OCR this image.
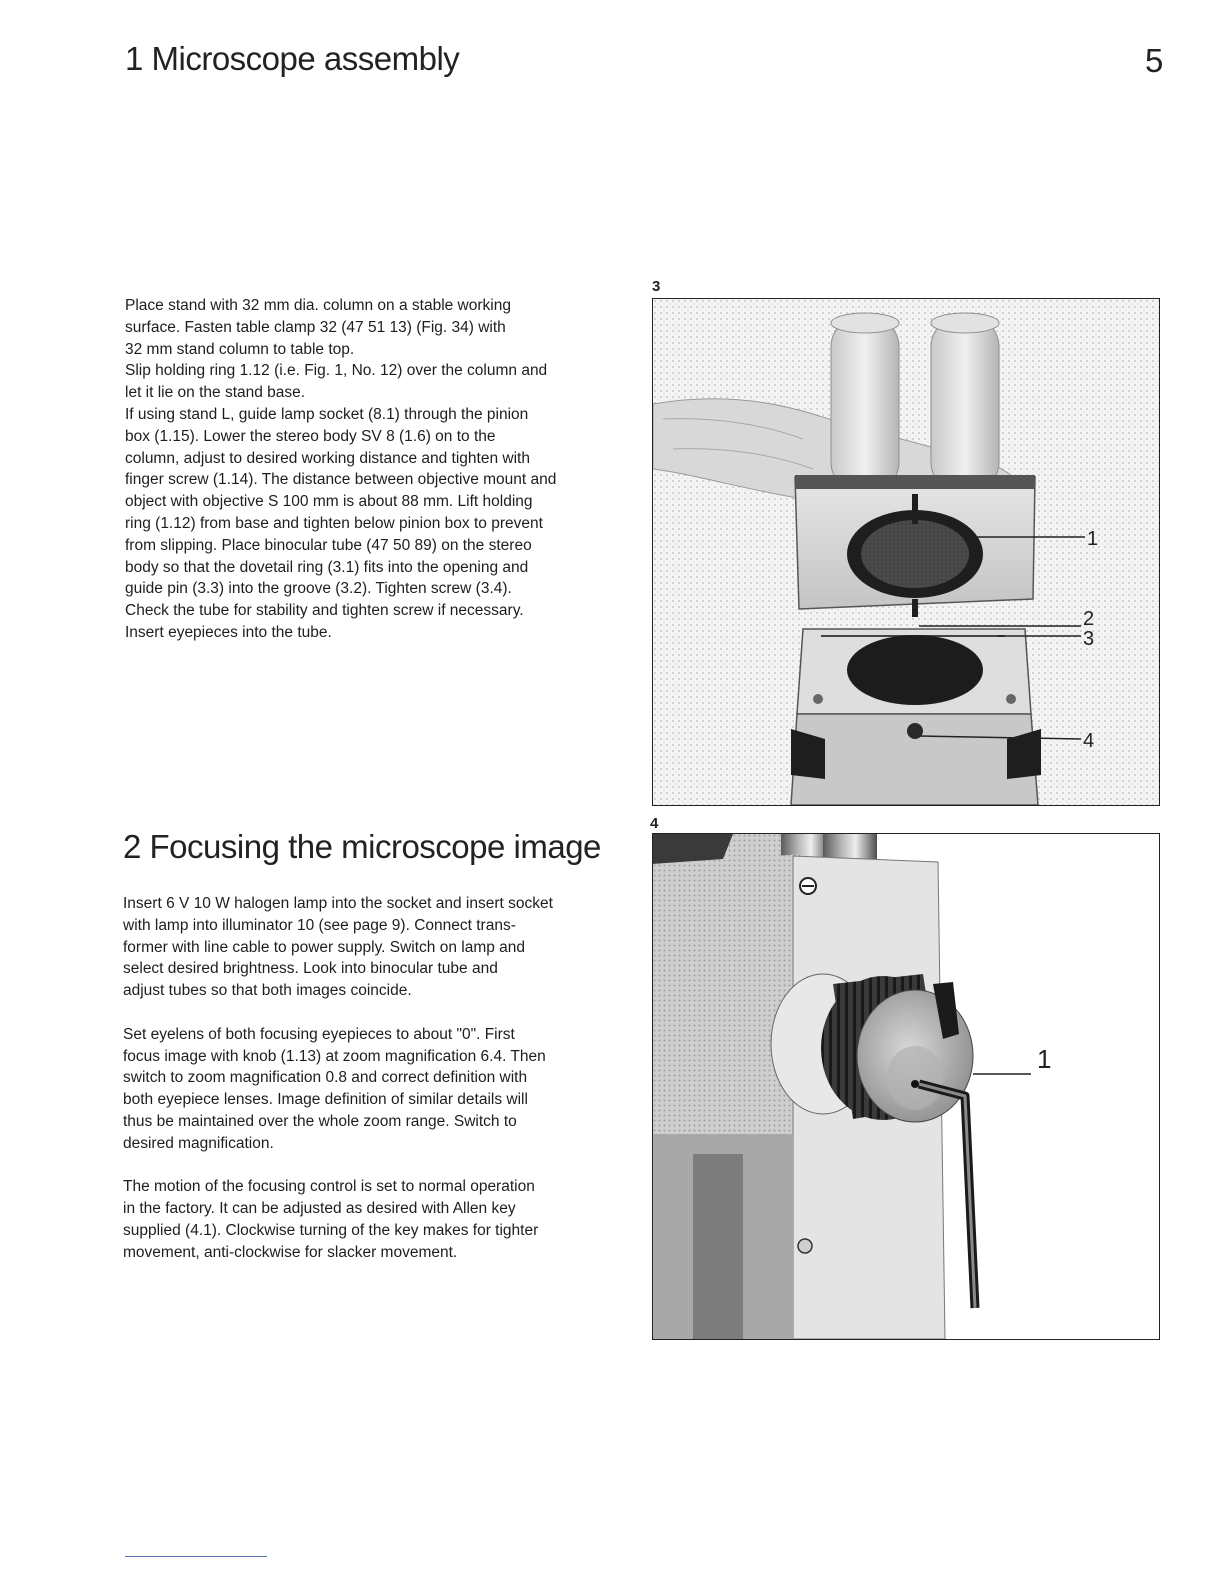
1 Microscope assembly	5
Place stand with 32 mm dia. column on a stable working
surface. Fasten table clamp 32 (47 51 13) (Fig. 34) with
32 mm stand column to table top.
Slip holding ring 1.12 (i.e. Fig. 1, No. 12) over the column and
let it lie on the stand base.
If using stand L, guide lamp socket (8.1) through the pinion
box (1.15). Lower the stereo body SV 8 (1.6) on to the
column, adjust to desired working distance and tighten with
finger screw (1.14). The distance between objective mount and
object with objective S 100 mm is about 88 mm. Lift holding
ring (1.12) from base and tighten below pinion box to prevent
from slipping. Place binocular tube (47 50 89) on the stereo
body so that the dovetail ring (3.1) fits into the opening and
guide pin (3.3) into the groove (3.2). Tighten screw (3.4).
Check the tube for stability and tighten screw if necessary.
Insert eyepieces into the tube.
2 Focusing the microscope image
Insert 6 V 10 W halogen lamp into the socket and insert socket
with lamp into illuminator 10 (see page 9). Connect trans-
former with line cable to power supply. Switch on lamp and
select desired brightness. Look into binocular tube and
adjust tubes so that both images coincide.
Set eyelens of both focusing eyepieces to about "0". First
focus image with knob (1.13) at zoom magnification 6.4. Then
switch to zoom magnification 0.8 and correct definition with
both eyepiece lenses. Image definition of similar details will
thus be maintained over the whole zoom range. Switch to
desired magnification.
The motion of the focusing control is set to normal operation
in the factory. It can be adjusted as desired with Allen key
supplied (4.1). Clockwise turning of the key makes for tighter
movement, anti-clockwise for slacker movement.
3
1
2
3
4
4
1
